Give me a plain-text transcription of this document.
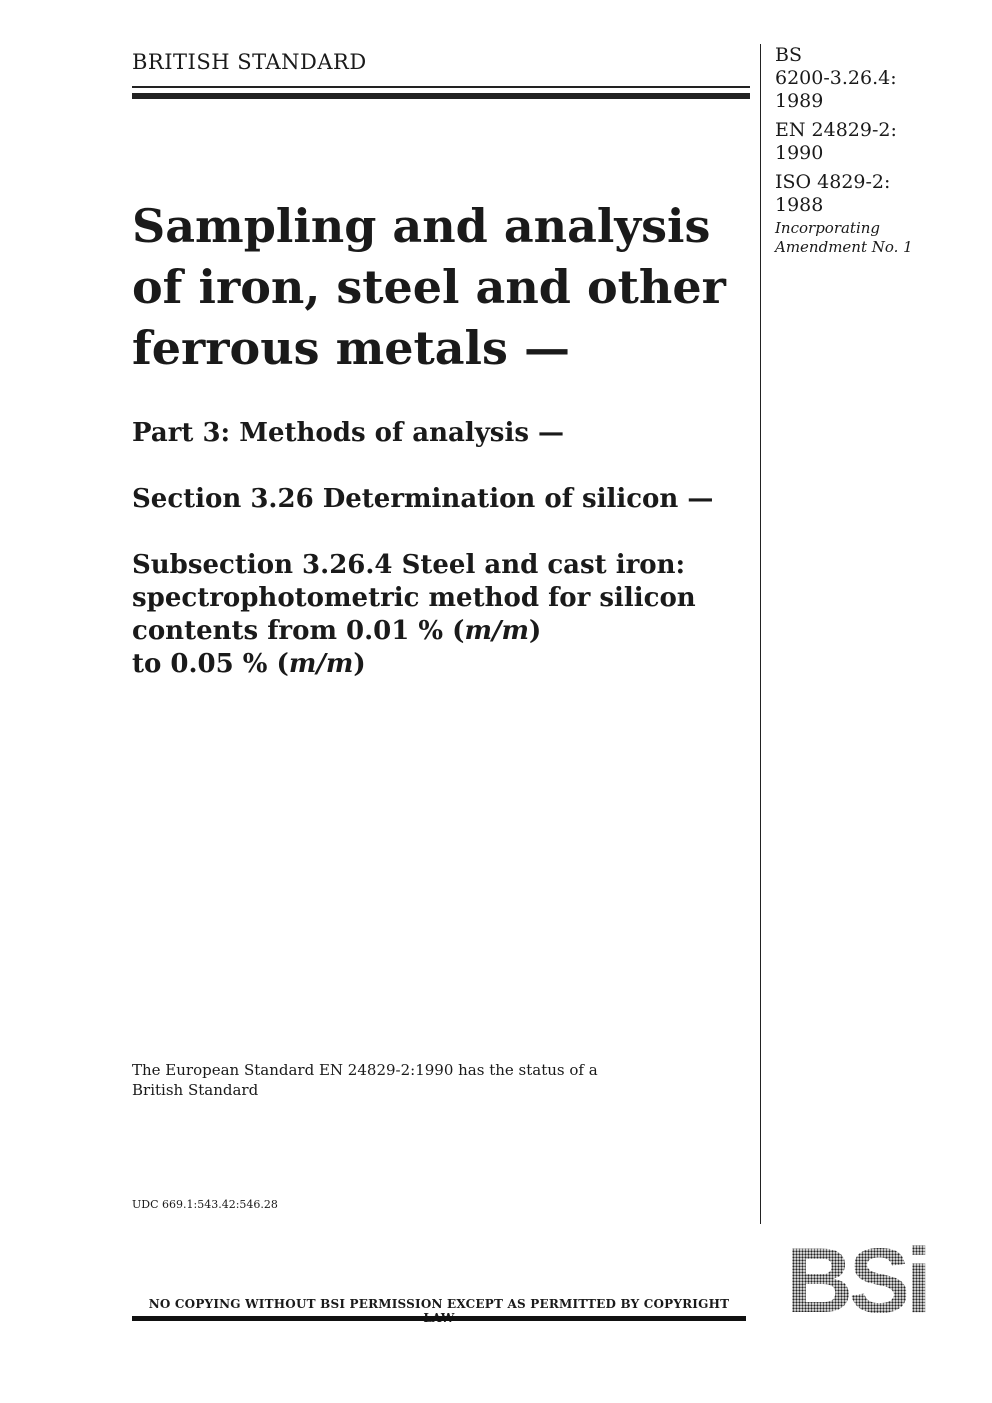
BRITISH STANDARD	BS
6200-3.26.4:
1989
EN 24829-2:
1990
ISO 4829-2:
1988
Incorporating
Amendment No. 1
Sampling and analysis
of iron, steel and other
ferrous metals —
Part 3: Methods of analysis —
Section 3.26 Determination of silicon —
Subsection 3.26.4 Steel and cast iron:
spectrophotometric method for silicon
contents from 0.01 % (m/m)
to 0.05 % (m/m)
The European Standard EN 24829-2:1990 has the status of a
British Standard
UDC 669.1:543.42:546.28
NO COPYING WITHOUT BSI PERMISSION EXCEPT AS PERMITTED BY COPYRIGHT BSi
